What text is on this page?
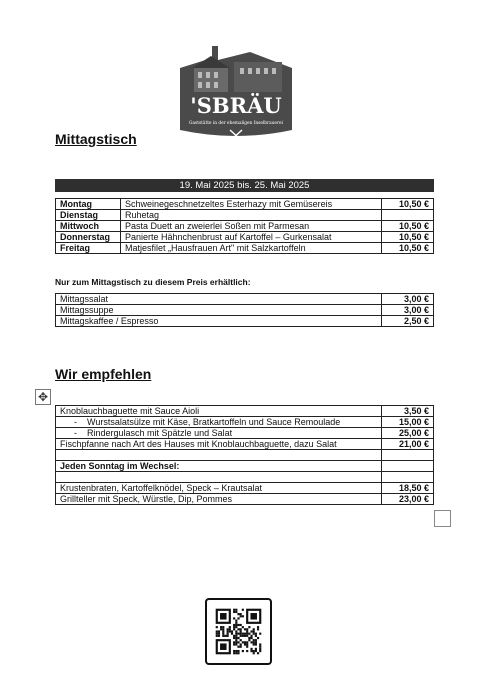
'SBRÄU
Gaststätte in der ehemaligen Inselbrauerei
Mittagstisch
19. Mai 2025 bis. 25. Mai 2025
Montag	Schweinegeschnetzeltes Esterhazy mit Gemüsereis	10,50 €
Dienstag	Ruhetag	
Mittwoch	Pasta Duett an zweierlei Soßen mit Parmesan	10,50 €
Donnerstag	Panierte Hähnchenbrust auf Kartoffel – Gurkensalat	10,50 €
Freitag	Matjesfilet „Hausfrauen Art" mit Salzkartoffeln	10,50 €
Nur zum Mittagstisch zu diesem Preis erhältlich:
Mittagssalat	3,00 €
Mittagssuppe	3,00 €
Mittagskaffee / Espresso	2,50 €
Wir empfehlen
✥
Knoblauchbaguette mit Sauce Aioli	3,50 €
- Wurstsalatsülze mit Käse, Bratkartoffeln und Sauce Remoulade	15,00 €
- Rindergulasch mit Spätzle und Salat	25,00 €
Fischpfanne nach Art des Hauses mit Knoblauchbaguette, dazu Salat	21,00 €

Jeden Sonntag im Wechsel:	

Krustenbraten, Kartoffelknödel, Speck – Krautsalat	18,50 €
Grillteller mit Speck, Würstle, Dip, Pommes	23,00 €
